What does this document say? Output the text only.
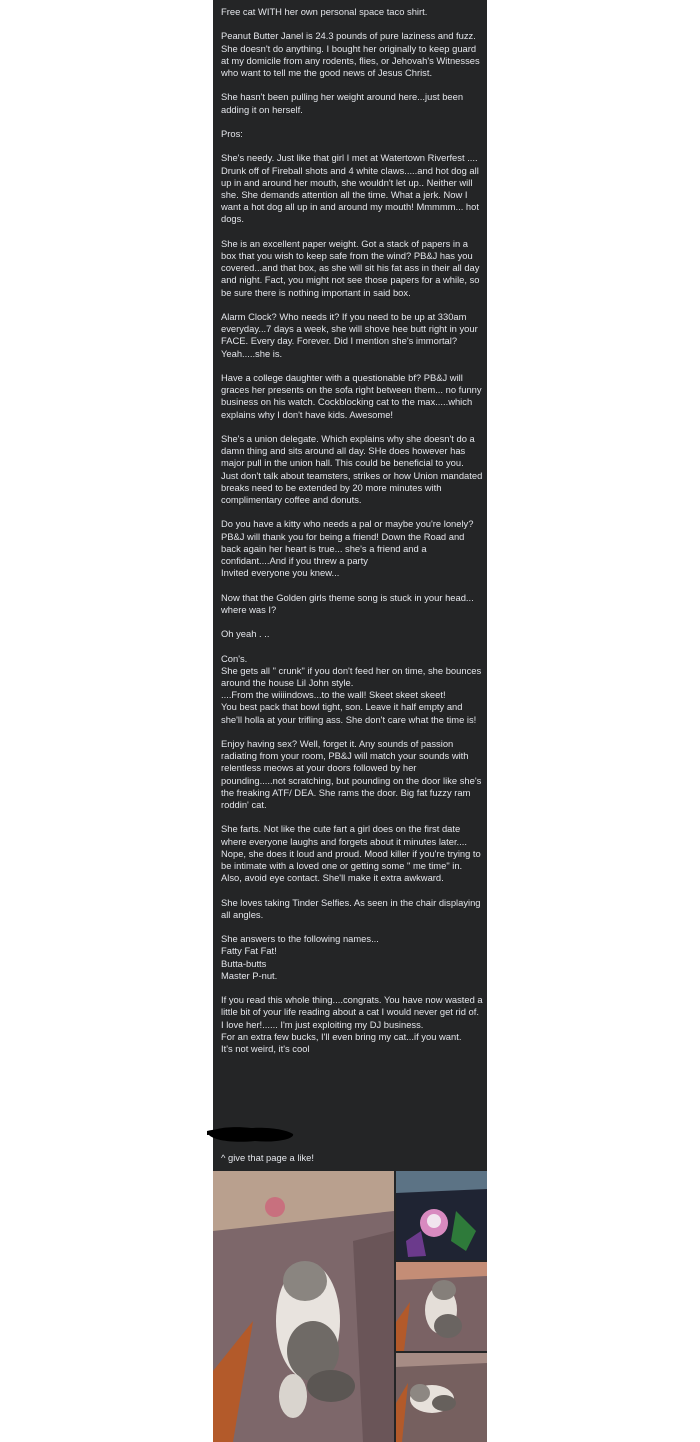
Free cat WITH her own personal space taco shirt.

Peanut Butter Janel is 24.3 pounds of pure laziness and fuzz. She doesn't do anything. I bought her originally to keep guard at my domicile from any rodents, flies, or Jehovah's Witnesses who want to tell me the good news of Jesus Christ.

She hasn't been pulling her weight around here...just been adding it on herself.

Pros:

She's needy. Just like that girl I met at Watertown Riverfest .... Drunk off of Fireball shots and 4 white claws.....and hot dog all up in and around her mouth, she wouldn't let up.. Neither will she. She demands attention all the time. What a jerk. Now I want a hot dog all up in and around my mouth! Mmmmm... hot dogs.

She is an excellent paper weight. Got a stack of papers in a box that you wish to keep safe from the wind? PB&J has you covered...and that box, as she will sit his fat ass in their all day and night. Fact, you might not see those papers for a while, so be sure there is nothing important in said box.

Alarm Clock? Who needs it? If you need to be up at 330am everyday...7 days a week, she will shove hee butt right in your FACE. Every day. Forever. Did I mention she's immortal? Yeah.....she is.

Have a college daughter with a questionable bf? PB&J will graces her presents on the sofa right between them... no funny business on his watch. Cockblocking cat to the max.....which explains why I don't have kids. Awesome!

She's a union delegate. Which explains why she doesn't do a damn thing and sits around all day. SHe does however has major pull in the union hall. This could be beneficial to you. Just don't talk about teamsters, strikes or how Union mandated breaks need to be extended by 20 more minutes with complimentary coffee and donuts.

Do you have a kitty who needs a pal or maybe you're lonely? PB&J will thank you for being a friend! Down the Road and back again her heart is true... she's a friend and a confidant....And if you threw a party
Invited everyone you knew...

Now that the Golden girls theme song is stuck in your head... where was I?

Oh yeah . ..

Con's.
She gets all " crunk" if you don't feed her on time, she bounces around the house Lil John style.
....From the wiiiindows...to the wall! Skeet skeet skeet!
You best pack that bowl tight, son. Leave it half empty and she'll holla at your trifling ass. She don't care what the time is!

Enjoy having sex? Well, forget it. Any sounds of passion radiating from your room, PB&J will match your sounds with relentless meows at your doors followed by her pounding.....not scratching, but pounding on the door like she's the freaking ATF/ DEA. She rams the door. Big fat fuzzy ram roddin' cat.

She farts. Not like the cute fart a girl does on the first date where everyone laughs and forgets about it minutes later.... Nope, she does it loud and proud. Mood killer if you're trying to be intimate with a loved one or getting some " me time" in. Also, avoid eye contact. She'll make it extra awkward.

She loves taking Tinder Selfies. As seen in the chair displaying all angles.

She answers to the following names...
Fatty Fat Fat!
Butta-butts
Master P-nut.

If you read this whole thing....congrats. You have now wasted a little bit of your life reading about a cat I would never get rid of. I love her!...... I'm just exploiting my DJ business.
For an extra few bucks, I'll even bring my cat...if you want.
It's not weird, it's cool

^ give that page a like!
